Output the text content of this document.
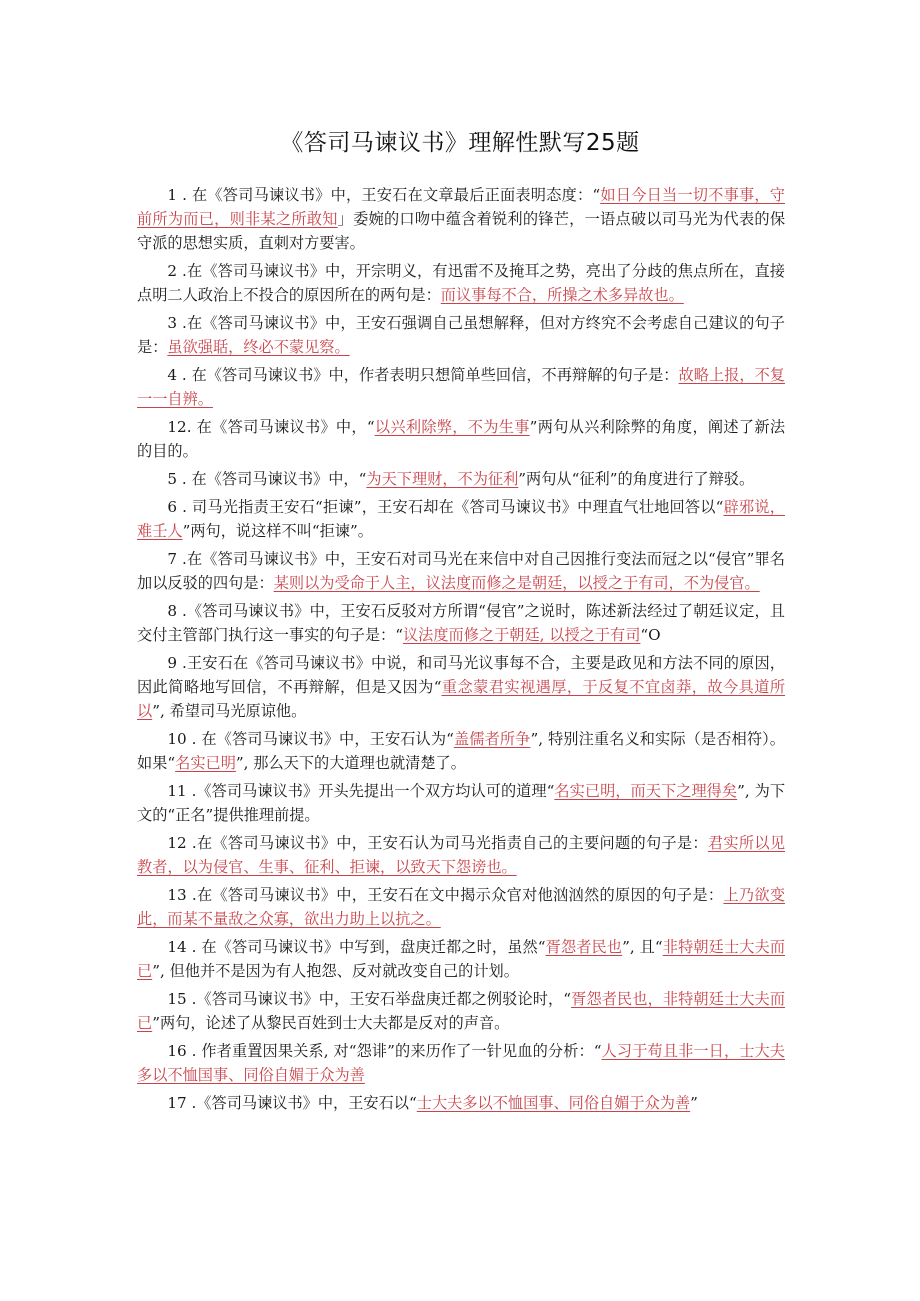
《答司马谏议书》理解性默写25题

1 . 在《答司马谏议书》中，王安石在文章最后正面表明态度：“如日今日当一切不事事，守前所为而已，则非某之所敢知」委婉的口吻中蕴含着锐利的锋芒，一语点破以司马光为代表的保守派的思想实质，直刺对方要害。

2 .在《答司马谏议书》中，开宗明义，有迅雷不及掩耳之势，亮出了分歧的焦点所在，直接点明二人政治上不投合的原因所在的两句是：而议事每不合，所操之术多异故也。

3 .在《答司马谏议书》中，王安石强调自己虽想解释，但对方终究不会考虑自己建议的句子是：虽欲强聒，终必不蒙见察。

4 . 在《答司马谏议书》中，作者表明只想简单些回信，不再辩解的句子是：故略上报，不复一一自辨。

12. 在《答司马谏议书》中，“以兴利除弊，不为生事”两句从兴利除弊的角度，阐述了新法的目的。

5 . 在《答司马谏议书》中，“为天下理财，不为征利”两句从“征利”的角度进行了辩驳。

6 . 司马光指责王安石“拒谏”，王安石却在《答司马谏议书》中理直气壮地回答以“辟邪说，难壬人”两句，说这样不叫“拒谏”。

7 .在《答司马谏议书》中，王安石对司马光在来信中对自己因推行变法而冠之以“侵官”罪名加以反驳的四句是：某则以为受命于人主，议法度而修之是朝廷，以授之于有司，不为侵官。

8 .《答司马谏议书》中，王安石反驳对方所谓“侵官”之说时，陈述新法经过了朝廷议定，且交付主管部门执行这一事实的句子是：“议法度而修之于朝廷, 以授之于有司“O

9 .王安石在《答司马谏议书》中说，和司马光议事每不合，主要是政见和方法不同的原因，因此简略地写回信，不再辩解，但是又因为“重念蒙君实视遇厚，于反复不宜卤莽，故今具道所以”, 希望司马光原谅他。

10 . 在《答司马谏议书》中，王安石认为“盖儒者所争”, 特别注重名义和实际（是否相符）。如果“名实已明”, 那么天下的大道理也就清楚了。

11 .《答司马谏议书》开头先提出一个双方均认可的道理“名实已明，而天下之理得矣”, 为下文的“正名”提供推理前提。

12 .在《答司马谏议书》中，王安石认为司马光指责自己的主要问题的句子是：君实所以见教者，以为侵官、生事、征利、拒谏，以致天下怨谤也。

13 .在《答司马谏议书》中，王安石在文中揭示众官对他汹汹然的原因的句子是：上乃欲变此，而某不量敌之众寡，欲出力助上以抗之。

14 . 在《答司马谏议书》中写到，盘庚迁都之时，虽然“胥怨者民也”, 且“非特朝廷士大夫而已”, 但他并不是因为有人抱怨、反对就改变自己的计划。

15 .《答司马谏议书》中，王安石举盘庚迁都之例驳论时，“胥怨者民也，非特朝廷士大夫而已”两句，论述了从黎民百姓到士大夫都是反对的声音。

16 . 作者重置因果关系, 对“怨诽”的来历作了一针见血的分析：“人习于苟且非一日，士大夫多以不恤国事、同俗自媚于众为善

17 .《答司马谏议书》中，王安石以“士大夫多以不恤国事、同俗自媚于众为善”
